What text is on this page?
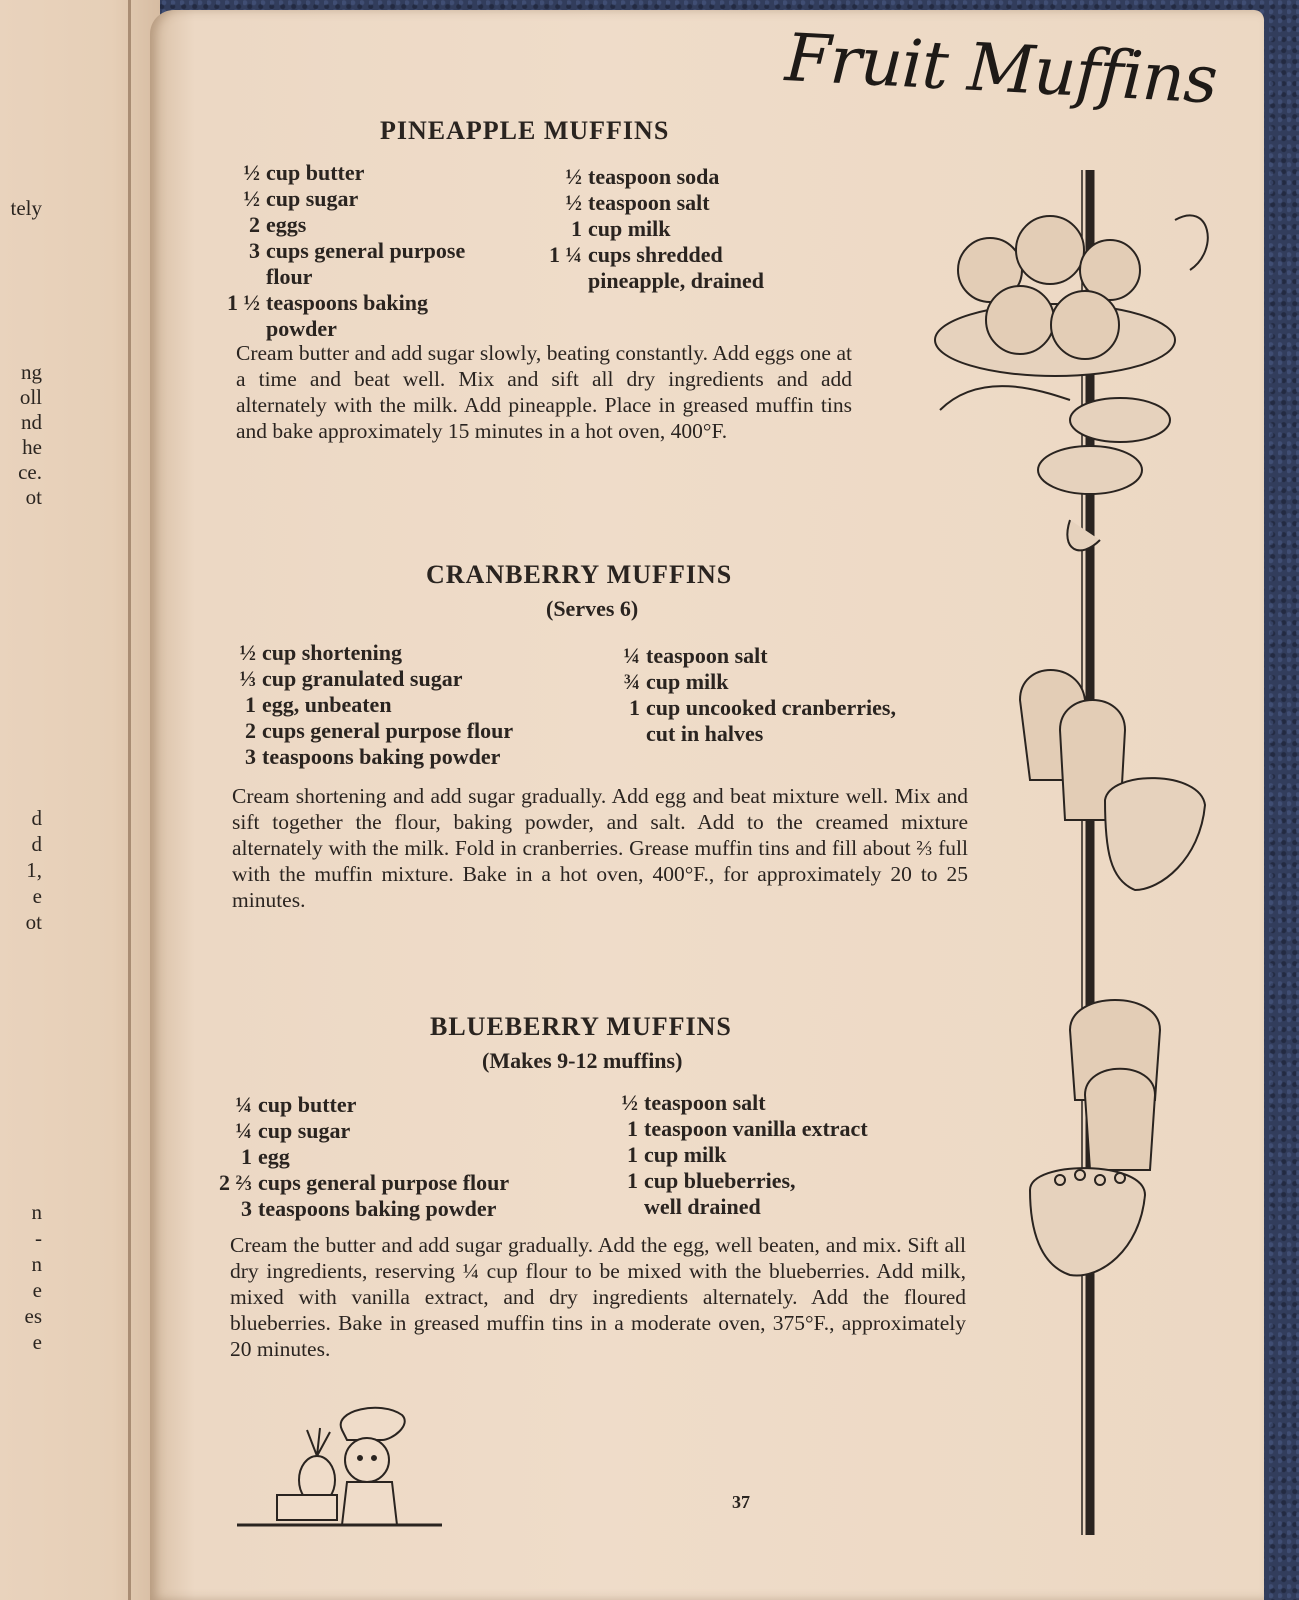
tely
ng
oll
nd
he
ce.
ot
d
d
1,
e
ot
n
-
n
e
es
e
Fruit Muffins
PINEAPPLE MUFFINS
½ cup butter
½ cup sugar
2 eggs
3 cups general purpose
flour
1 ½ teaspoons baking
powder
½ teaspoon soda
½ teaspoon salt
1 cup milk
1 ¼ cups shredded
pineapple, drained

Cream butter and add sugar slowly, beating constantly. Add eggs one at a time and beat well. Mix and sift all dry ingredients and add alternately with the milk. Add pineapple. Place in greased muffin tins and bake approximately 15 minutes in a hot oven, 400°F.

CRANBERRY MUFFINS
(Serves 6)
½ cup shortening
⅓ cup granulated sugar
1 egg, unbeaten
2 cups general purpose flour
3 teaspoons baking powder
¼ teaspoon salt
¾ cup milk
1 cup uncooked cranberries,
cut in halves

Cream shortening and add sugar gradually. Add egg and beat mixture well. Mix and sift together the flour, baking powder, and salt. Add to the creamed mixture alternately with the milk. Fold in cranberries. Grease muffin tins and fill about ⅔ full with the muffin mixture. Bake in a hot oven, 400°F., for approximately 20 to 25 minutes.

BLUEBERRY MUFFINS
(Makes 9-12 muffins)
¼ cup butter
¼ cup sugar
1 egg
2 ⅔ cups general purpose flour
3 teaspoons baking powder
½ teaspoon salt
1 teaspoon vanilla extract
1 cup milk
1 cup blueberries,
well drained

Cream the butter and add sugar gradually. Add the egg, well beaten, and mix. Sift all dry ingredients, reserving ¼ cup flour to be mixed with the blueberries. Add milk, mixed with vanilla extract, and dry ingredients alternately. Add the floured blueberries. Bake in greased muffin tins in a moderate oven, 375°F., approximately 20 minutes.

37
